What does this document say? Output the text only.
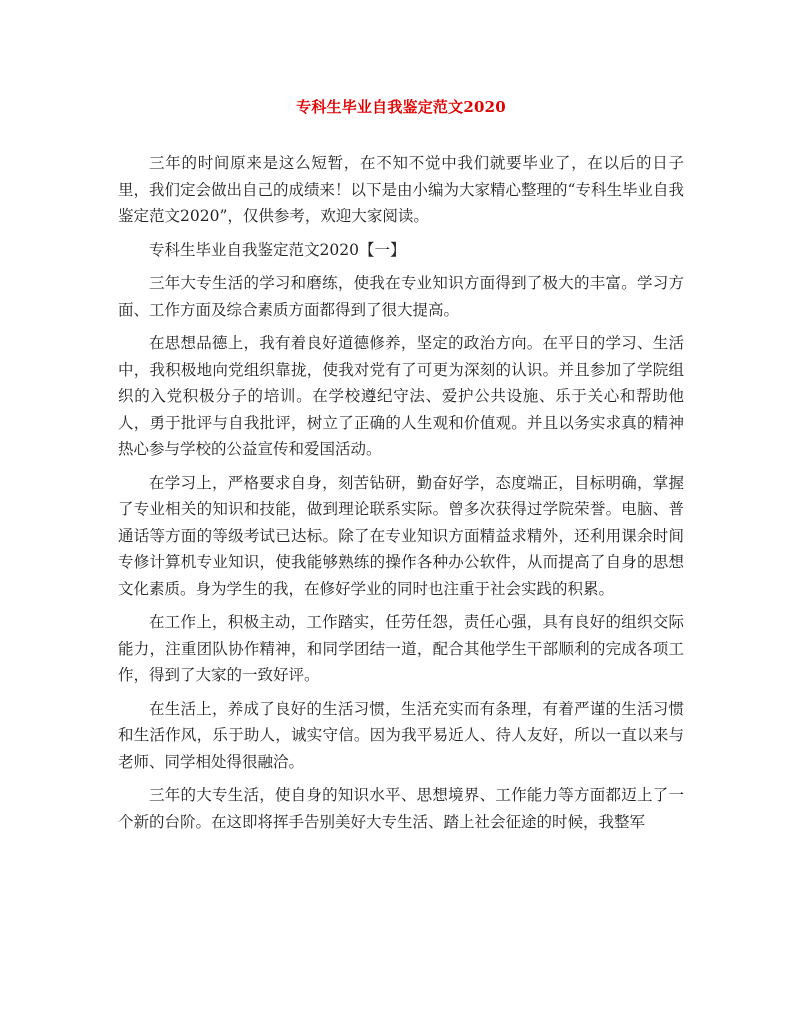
专科生毕业自我鉴定范文2020

三年的时间原来是这么短暂，在不知不觉中我们就要毕业了，在以后的日子里，我们定会做出自己的成绩来！以下是由小编为大家精心整理的“专科生毕业自我鉴定范文2020”，仅供参考，欢迎大家阅读。

专科生毕业自我鉴定范文2020【一】

三年大专生活的学习和磨练，使我在专业知识方面得到了极大的丰富。学习方面、工作方面及综合素质方面都得到了很大提高。

在思想品德上，我有着良好道德修养，坚定的政治方向。在平日的学习、生活中，我积极地向党组织靠拢，使我对党有了可更为深刻的认识。并且参加了学院组织的入党积极分子的培训。在学校遵纪守法、爱护公共设施、乐于关心和帮助他人，勇于批评与自我批评，树立了正确的人生观和价值观。并且以务实求真的精神热心参与学校的公益宣传和爱国活动。

在学习上，严格要求自身，刻苦钻研，勤奋好学，态度端正，目标明确，掌握了专业相关的知识和技能，做到理论联系实际。曾多次获得过学院荣誉。电脑、普通话等方面的等级考试已达标。除了在专业知识方面精益求精外，还利用课余时间专修计算机专业知识，使我能够熟练的操作各种办公软件，从而提高了自身的思想文化素质。身为学生的我，在修好学业的同时也注重于社会实践的积累。

在工作上，积极主动，工作踏实，任劳任怨，责任心强，具有良好的组织交际能力，注重团队协作精神，和同学团结一道，配合其他学生干部顺利的完成各项工作，得到了大家的一致好评。

在生活上，养成了良好的生活习惯，生活充实而有条理，有着严谨的生活习惯和生活作风，乐于助人，诚实守信。因为我平易近人、待人友好，所以一直以来与老师、同学相处得很融洽。

三年的大专生活，使自身的知识水平、思想境界、工作能力等方面都迈上了一个新的台阶。在这即将挥手告别美好大专生活、踏上社会征途的时候，我整军
